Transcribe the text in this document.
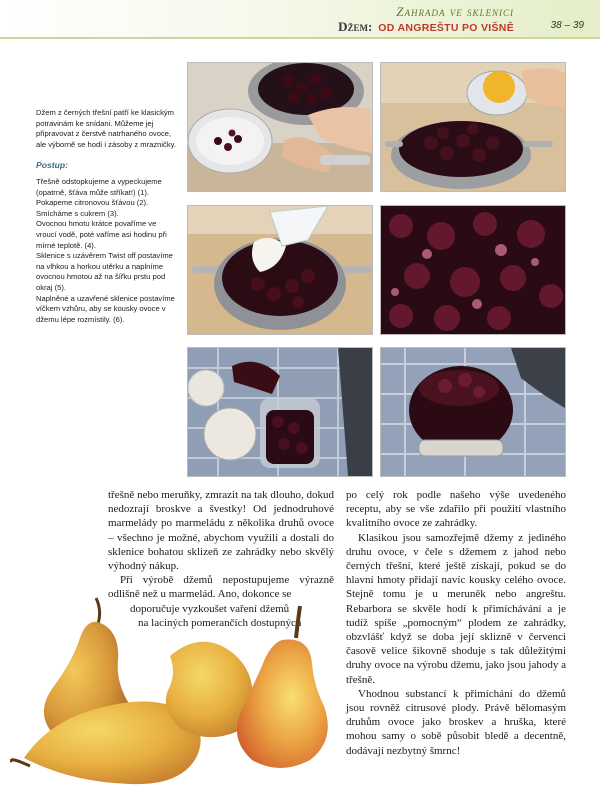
Zahrada ve sklenici
Džem: OD ANGREŠTU PO VIŠNĚ	38 – 39

Džem z černých třešní patří ke klasickým potravinám ke snídani. Můžeme jej připravovat z čerstvě natrhaného ovoce, ale výborně se hodí i zásoby z mrazničky.

Postup:

Třešně odstopkujeme a vypeckujeme (opatrně, šťáva může stříkat!) (1).

Pokapeme citronovou šťávou (2).

Smícháme s cukrem (3).

Ovocnou hmotu krátce povaříme ve vroucí vodě, poté vaříme asi hodinu při mírné teplotě. (4).

Sklenice s uzávěrem Twist off postavíme na vlhkou a horkou utěrku a naplníme ovocnou hmotou až na šířku prstu pod okraj (5).

Naplněné a uzavřené sklenice postavíme víčkem vzhůru, aby se kousky ovoce v džemu lépe rozmístily. (6).

třešně nebo meruňky, zmrazit na tak dlouho, dokud nedozrají broskve a švestky! Od jednodruhové marmelády po marmeládu z několika druhů ovoce – všechno je možné, abychom využili a dostali do sklenice bohatou sklizeň ze zahrádky nebo skvělý výhodný nákup.

Při výrobě džemů nepostupujeme výrazně odlišně než u marmelád. Ano, dokonce se

doporučuje vyzkoušet vaření džemů

na laciných pomerančích dostupných

po celý rok podle našeho výše uvedeného receptu, aby se vše zdařilo při použití vlastního kvalitního ovoce ze zahrádky.

Klasikou jsou samozřejmě džemy z jediného druhu ovoce, v čele s džemem z jahod nebo černých třešní, které ještě získají, pokud se do hlavní hmoty přidají navíc kousky celého ovoce. Stejně tomu je u meruněk nebo angreštu. Rebarbora se skvěle hodí k přimíchávání a je tudíž spíše „pomocným“ plodem ze zahrádky, obzvlášť když se doba její sklizně v červenci časově velice šikovně shoduje s tak důležitými druhy ovoce na výrobu džemu, jako jsou jahody a třešně.

Vhodnou substancí k přimíchání do džemů jsou rovněž citrusové plody. Právě bělomasým druhům ovoce jako broskev a hruška, které mohou samy o sobě působit bledě a decentně, dodávají nezbytný šmrnc!
